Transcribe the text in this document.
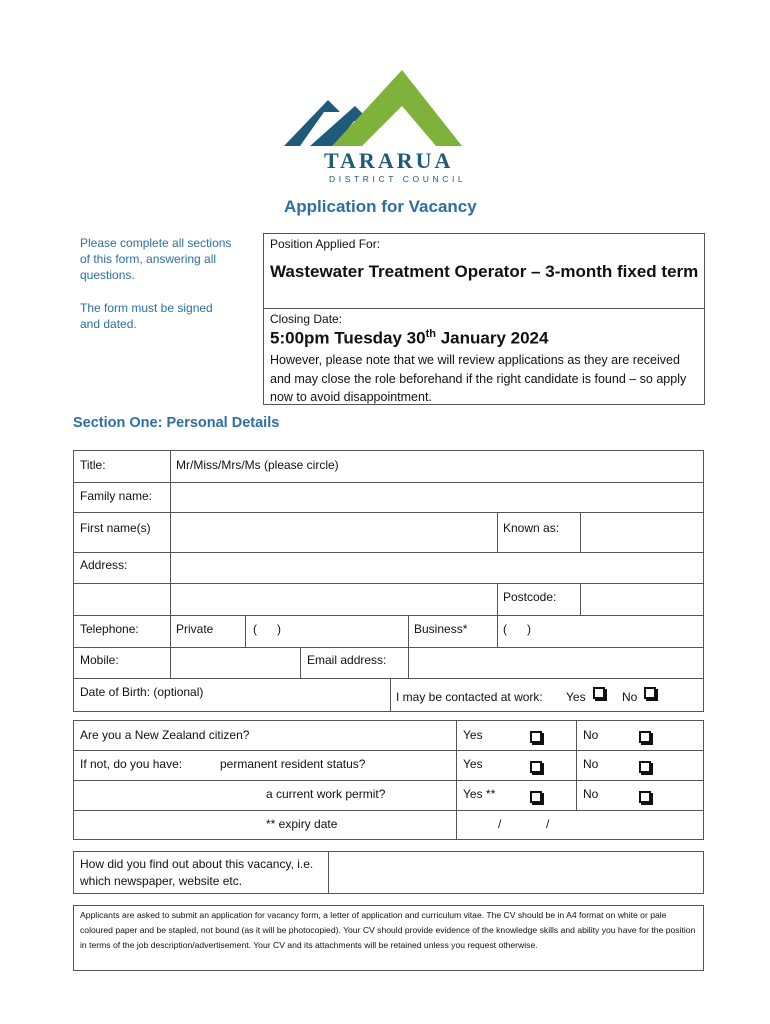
TARARUA
DISTRICT COUNCIL
Application for Vacancy
Please complete all sections of this form, answering all questions.
The form must be signed and dated.
Position Applied For:
Wastewater Treatment Operator – 3-month fixed term
Closing Date:
5:00pm Tuesday 30th January 2024
However, please note that we will review applications as they are received and may close the role beforehand if the right candidate is found – so apply now to avoid disappointment.
Section One: Personal Details
Title:	Mr/Miss/Mrs/Ms (please circle)
Family name:
First name(s)	Known as:
Address:
Postcode:
Telephone:	Private	(      )	Business*	(      )
Mobile:	Email address:
Date of Birth: (optional)	I may be contacted at work: Yes	No
Are you a New Zealand citizen?	Yes	No
If not, do you have:	permanent resident status?	Yes	No
a current work permit?	Yes **	No
** expiry date	/	/
How did you find out about this vacancy, i.e. which newspaper, website etc.
Applicants are asked to submit an application for vacancy form, a letter of application and curriculum vitae. The CV should be in A4 format on white or pale coloured paper and be stapled, not bound (as it will be photocopied). Your CV should provide evidence of the knowledge skills and ability you have for the position in terms of the job description/advertisement. Your CV and its attachments will be retained unless you request otherwise.
